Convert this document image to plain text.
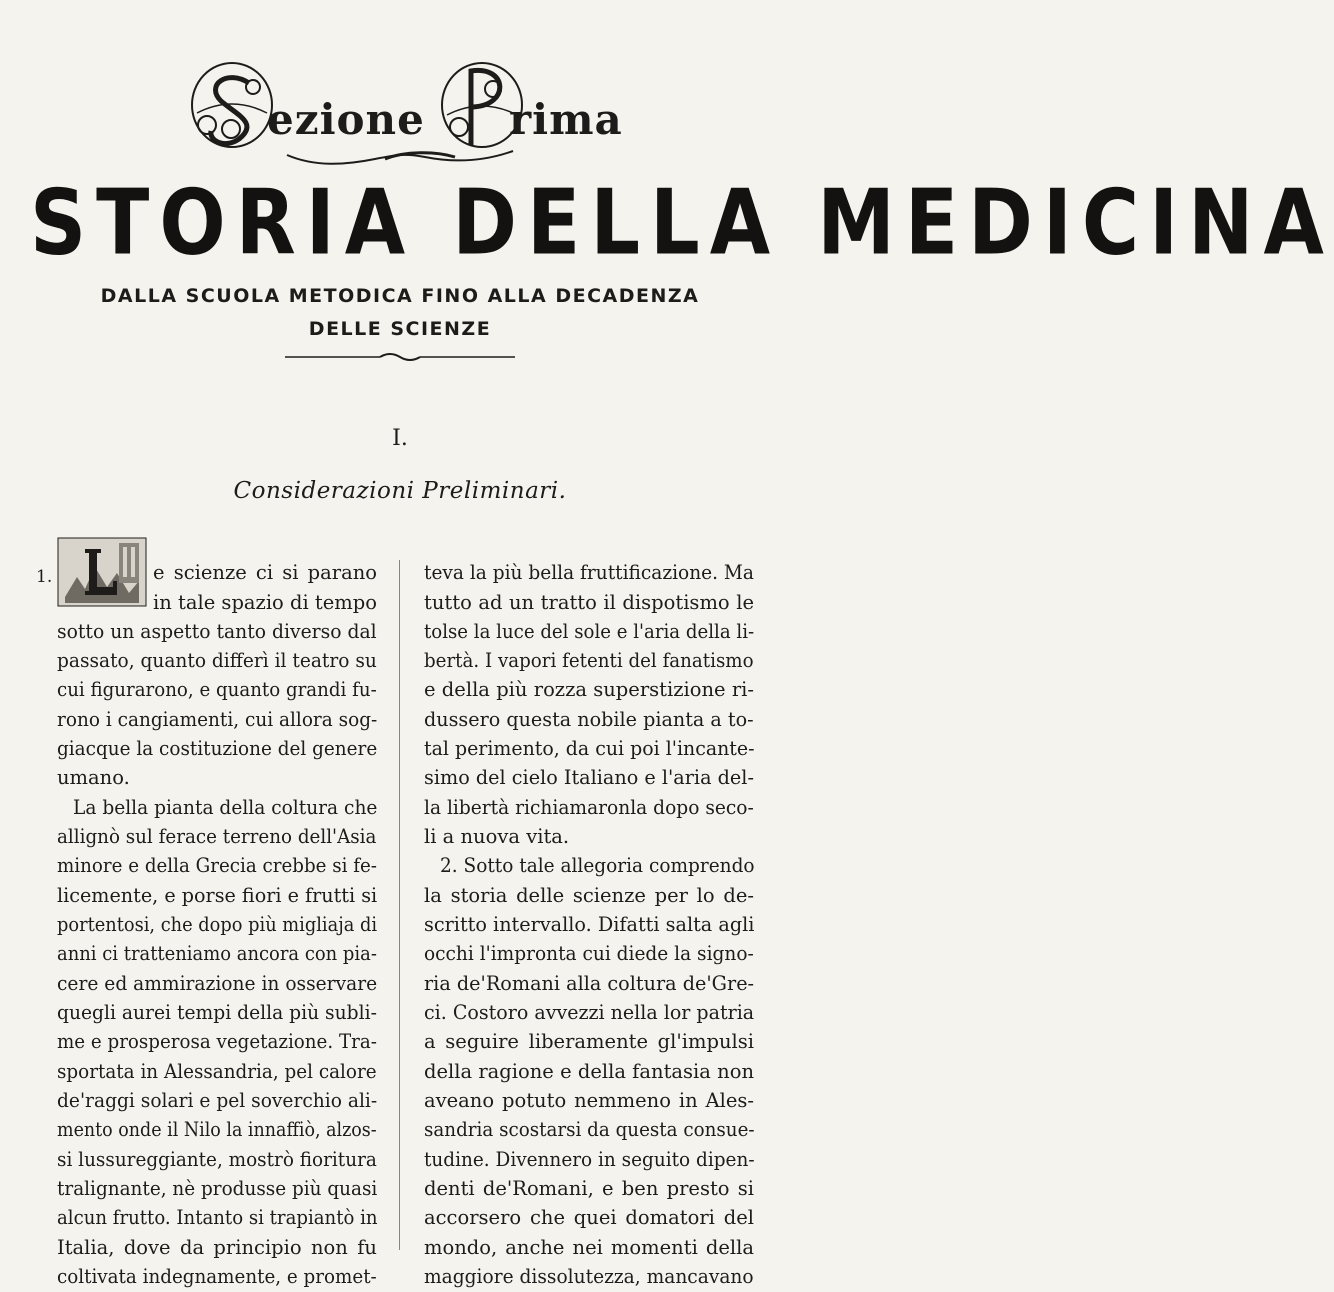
ezione rima
STORIA DELLA MEDICINA
DALLA SCUOLA METODICA FINO ALLA DECADENZA
DELLE SCIENZE
I.
Considerazioni Preliminari.
1.	e scienze ci si parano
in tale spazio di tempo
sotto un aspetto tanto diverso dal
passato, quanto differì il teatro su
cui figurarono, e quanto grandi fu-
rono i cangiamenti, cui allora sog-
giacque la costituzione del genere
umano.
La bella pianta della coltura che
allignò sul ferace terreno dell'Asia
minore e della Grecia crebbe si fe-
licemente, e porse fiori e frutti si
portentosi, che dopo più migliaja di
anni ci tratteniamo ancora con pia-
cere ed ammirazione in osservare
quegli aurei tempi della più subli-
me e prosperosa vegetazione. Tra-
sportata in Alessandria, pel calore
de'raggi solari e pel soverchio ali-
mento onde il Nilo la innaffiò, alzos-
si lussureggiante, mostrò fioritura
tralignante, nè produsse più quasi
alcun frutto. Intanto si trapiantò in
Italia, dove da principio non fu
coltivata indegnamente, e promet-
teva la più bella fruttificazione. Ma
tutto ad un tratto il dispotismo le
tolse la luce del sole e l'aria della li-
bertà. I vapori fetenti del fanatismo
e della più rozza superstizione ri-
dussero questa nobile pianta a to-
tal perimento, da cui poi l'incante-
simo del cielo Italiano e l'aria del-
la libertà richiamaronla dopo seco-
li a nuova vita.
2. Sotto tale allegoria comprendo
la storia delle scienze per lo de-
scritto intervallo. Difatti salta agli
occhi l'impronta cui diede la signo-
ria de'Romani alla coltura de'Gre-
ci. Costoro avvezzi nella lor patria
a seguire liberamente gl'impulsi
della ragione e della fantasia non
aveano potuto nemmeno in Ales-
sandria scostarsi da questa consue-
tudine. Divennero in seguito dipen-
denti de'Romani, e ben presto si
accorsero che quei domatori del
mondo, anche nei momenti della
maggiore dissolutezza, mancavano
